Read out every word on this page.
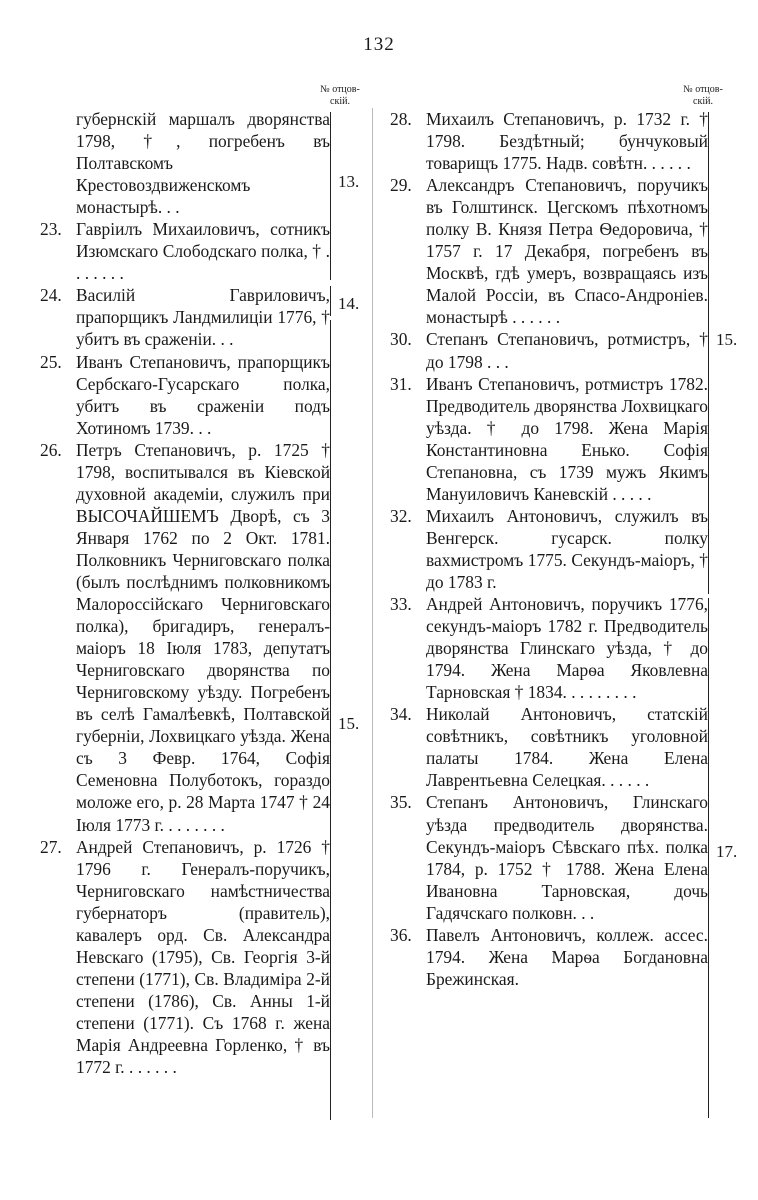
132
№ отцов-
скій.
№ отцов-
скій.
губернскій маршалъ дворянства 1798, †, погребенъ въ Полтавскомъ Крестовоздвиженскомъ монастырѣ. . .
23. Гавріилъ Михаиловичъ, сотникъ Изюмскаго Слободскаго полка, † . . . . . . .
24. Василій Гавриловичъ, прапорщикъ Ландмилиціи 1776, † убитъ въ сраженіи. . .
25. Иванъ Степановичъ, прапорщикъ Сербскаго-Гусарскаго полка, убитъ въ сраженіи подъ Хотиномъ 1739. . .
26. Петръ Степановичъ, р. 1725 † 1798, воспитывался въ Кіевской духовной академіи, служилъ при ВЫСОЧАЙШЕМЪ Дворѣ, съ 3 Января 1762 по 2 Окт. 1781. Полковникъ Черниговскаго полка (былъ послѣднимъ полковникомъ Малороссійскаго Черниговскаго полка), бригадиръ, генералъ-маіоръ 18 Іюля 1783, депутатъ Черниговскаго дворянства по Черниговскому уѣзду. Погребенъ въ селѣ Гамалѣевкѣ, Полтавской губерніи, Лохвицкаго уѣзда. Жена съ 3 Февр. 1764, Софія Семеновна Полуботокъ, гораздо моложе его, р. 28 Марта 1747 † 24 Іюля 1773 г. . . . . . . .
27. Андрей Степановичъ, р. 1726 † 1796 г. Генералъ-поручикъ, Черниговскаго намѣстничества губернаторъ (правитель), кавалеръ орд. Св. Александра Невскаго (1795), Св. Георгія 3-й степени (1771), Св. Владиміра 2-й степени (1786), Св. Анны 1-й степени (1771). Съ 1768 г. жена Марія Андреевна Горленко, † въ 1772 г. . . . . . .
13.
14.
15.
28. Михаилъ Степановичъ, р. 1732 г. † 1798. Бездѣтный; бунчуковый товарищъ 1775. Надв. совѣтн. . . . . .
29. Александръ Степановичъ, поручикъ въ Голштинск. Цегскомъ пѣхотномъ полку В. Князя Петра Ѳедоровича, † 1757 г. 17 Декабря, погребенъ въ Москвѣ, гдѣ умеръ, возвращаясь изъ Малой Россіи, въ Спасо-Андроніев. монастырѣ . . . . . .
30. Степанъ Степановичъ, ротмистръ, † до 1798 . . .
31. Иванъ Степановичъ, ротмистръ 1782. Предводитель дворянства Лохвицкаго уѣзда. † до 1798. Жена Марія Константиновна Енько. Софія Степановна, съ 1739 мужъ Якимъ Мануиловичъ Каневскій . . . . .
32. Михаилъ Антоновичъ, служилъ въ Венгерск. гусарск. полку вахмистромъ 1775. Секундъ-маіоръ, † до 1783 г.
33. Андрей Антоновичъ, поручикъ 1776, секундъ-маіоръ 1782 г. Предводитель дворянства Глинскаго уѣзда, † до 1794. Жена Марѳа Яковлевна Тарновская † 1834. . . . . . . . .
34. Николай Антоновичъ, статскій совѣтникъ, совѣтникъ уголовной палаты 1784. Жена Елена Лаврентьевна Селецкая. . . . . .
35. Степанъ Антоновичъ, Глинскаго уѣзда предводитель дворянства. Секундъ-маіоръ Сѣвскаго пѣх. полка 1784, р. 1752 † 1788. Жена Елена Ивановна Тарновская, дочь Гадячскаго полковн. . .
36. Павелъ Антоновичъ, коллеж. ассес. 1794. Жена Марѳа Богдановна Брежинская.
15.
17.
